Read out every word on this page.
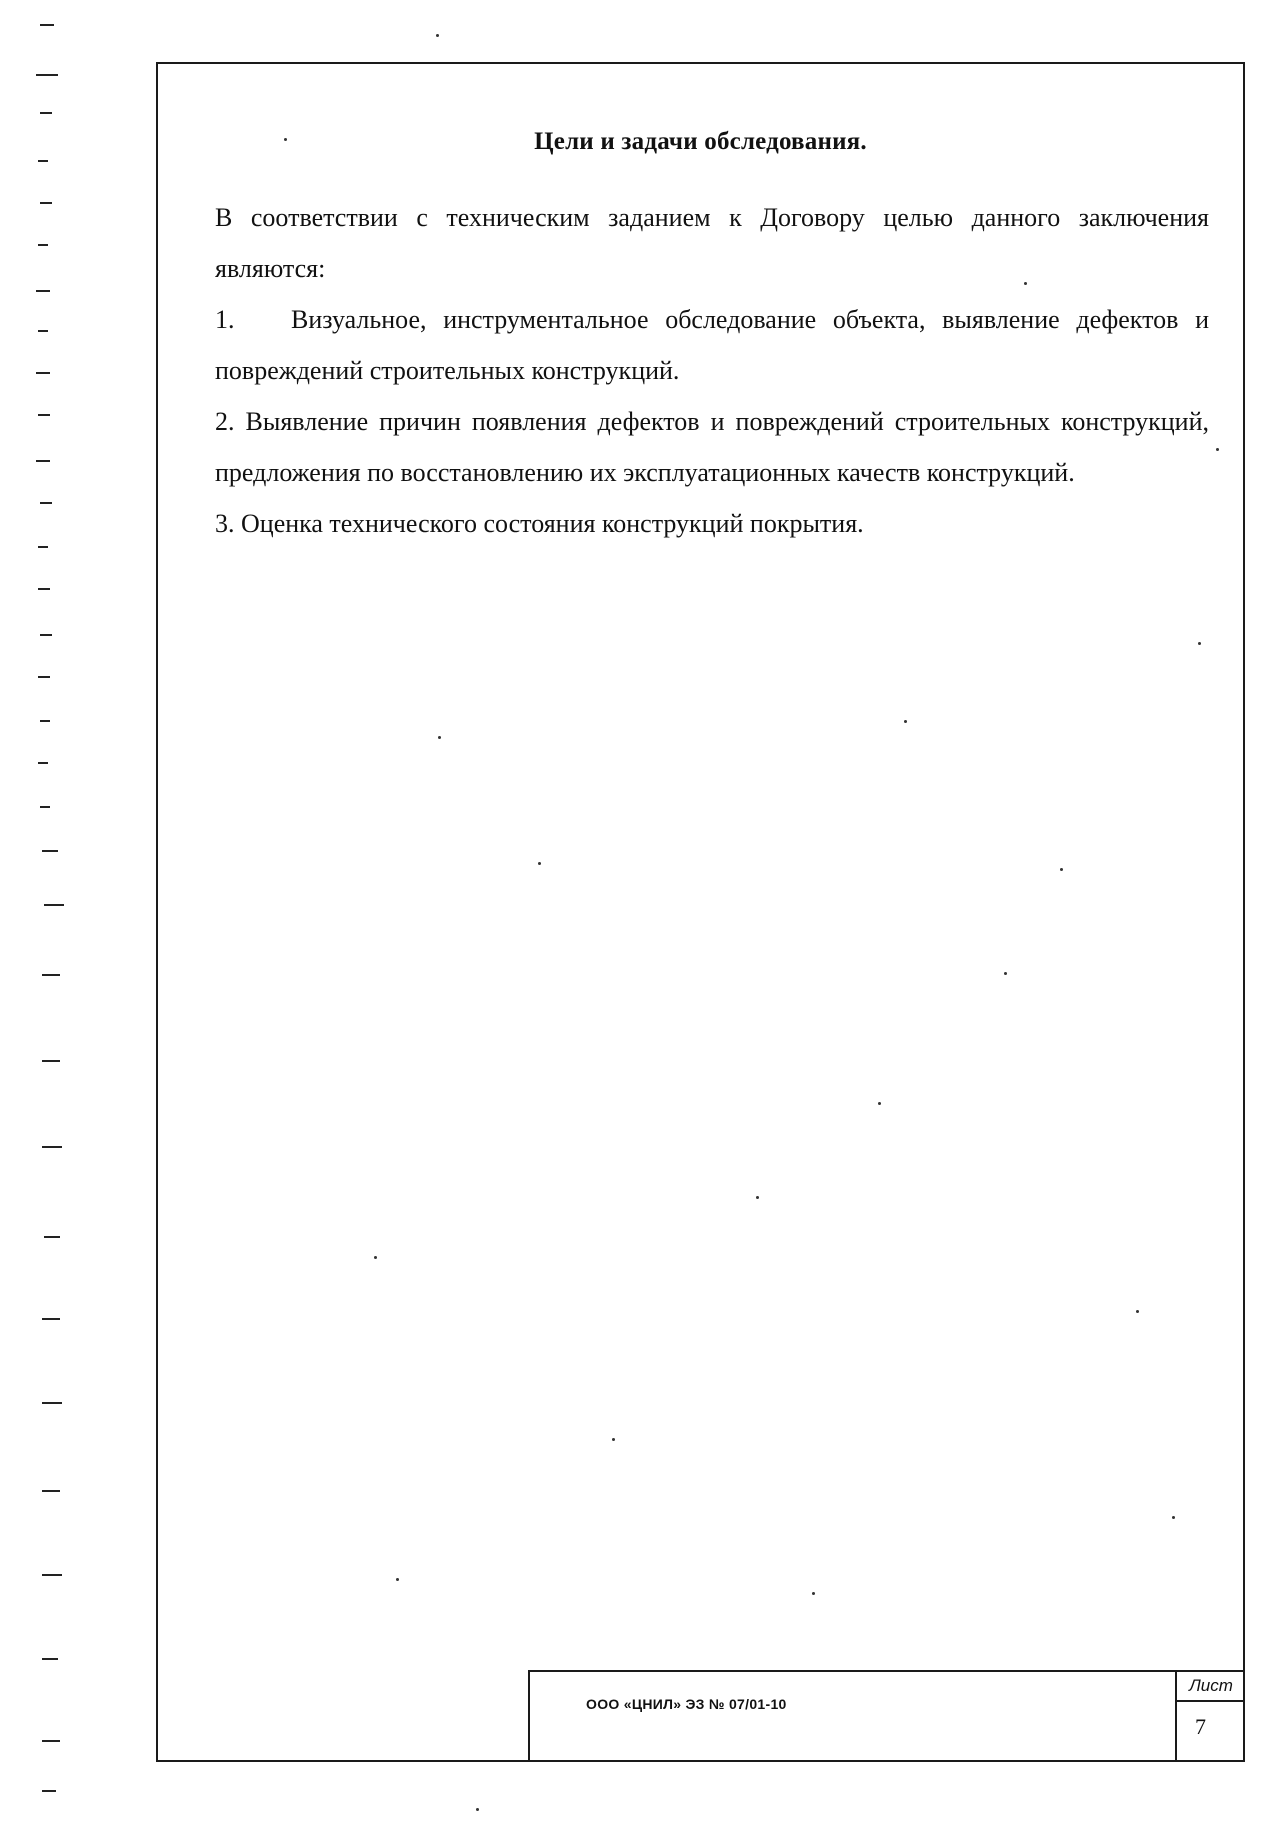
Цели и задачи обследования.

В соответствии с техническим заданием к Договору целью данного заключения являются:

1. Визуальное, инструментальное обследование объекта, выявление дефектов и повреждений строительных конструкций.

2. Выявление причин появления дефектов и повреждений строительных конструкций, предложения по восстановлению их эксплуатационных качеств конструкций.

3. Оценка технического состояния конструкций покрытия.

ООО «ЦНИЛ» ЭЗ № 07/01-10
Лист
7
